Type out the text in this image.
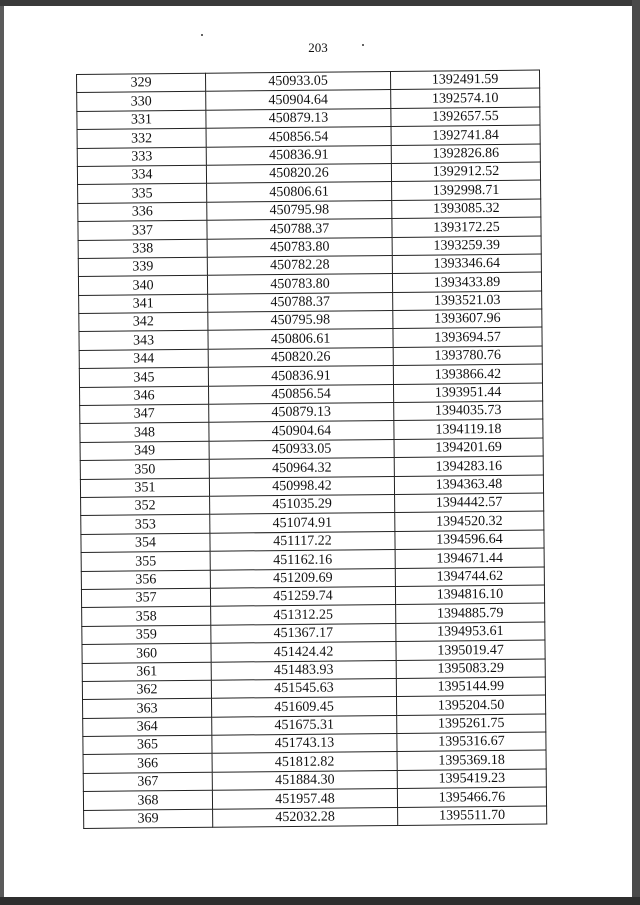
203
329	450933.05	1392491.59
330	450904.64	1392574.10
331	450879.13	1392657.55
332	450856.54	1392741.84
333	450836.91	1392826.86
334	450820.26	1392912.52
335	450806.61	1392998.71
336	450795.98	1393085.32
337	450788.37	1393172.25
338	450783.80	1393259.39
339	450782.28	1393346.64
340	450783.80	1393433.89
341	450788.37	1393521.03
342	450795.98	1393607.96
343	450806.61	1393694.57
344	450820.26	1393780.76
345	450836.91	1393866.42
346	450856.54	1393951.44
347	450879.13	1394035.73
348	450904.64	1394119.18
349	450933.05	1394201.69
350	450964.32	1394283.16
351	450998.42	1394363.48
352	451035.29	1394442.57
353	451074.91	1394520.32
354	451117.22	1394596.64
355	451162.16	1394671.44
356	451209.69	1394744.62
357	451259.74	1394816.10
358	451312.25	1394885.79
359	451367.17	1394953.61
360	451424.42	1395019.47
361	451483.93	1395083.29
362	451545.63	1395144.99
363	451609.45	1395204.50
364	451675.31	1395261.75
365	451743.13	1395316.67
366	451812.82	1395369.18
367	451884.30	1395419.23
368	451957.48	1395466.76
369	452032.28	1395511.70
